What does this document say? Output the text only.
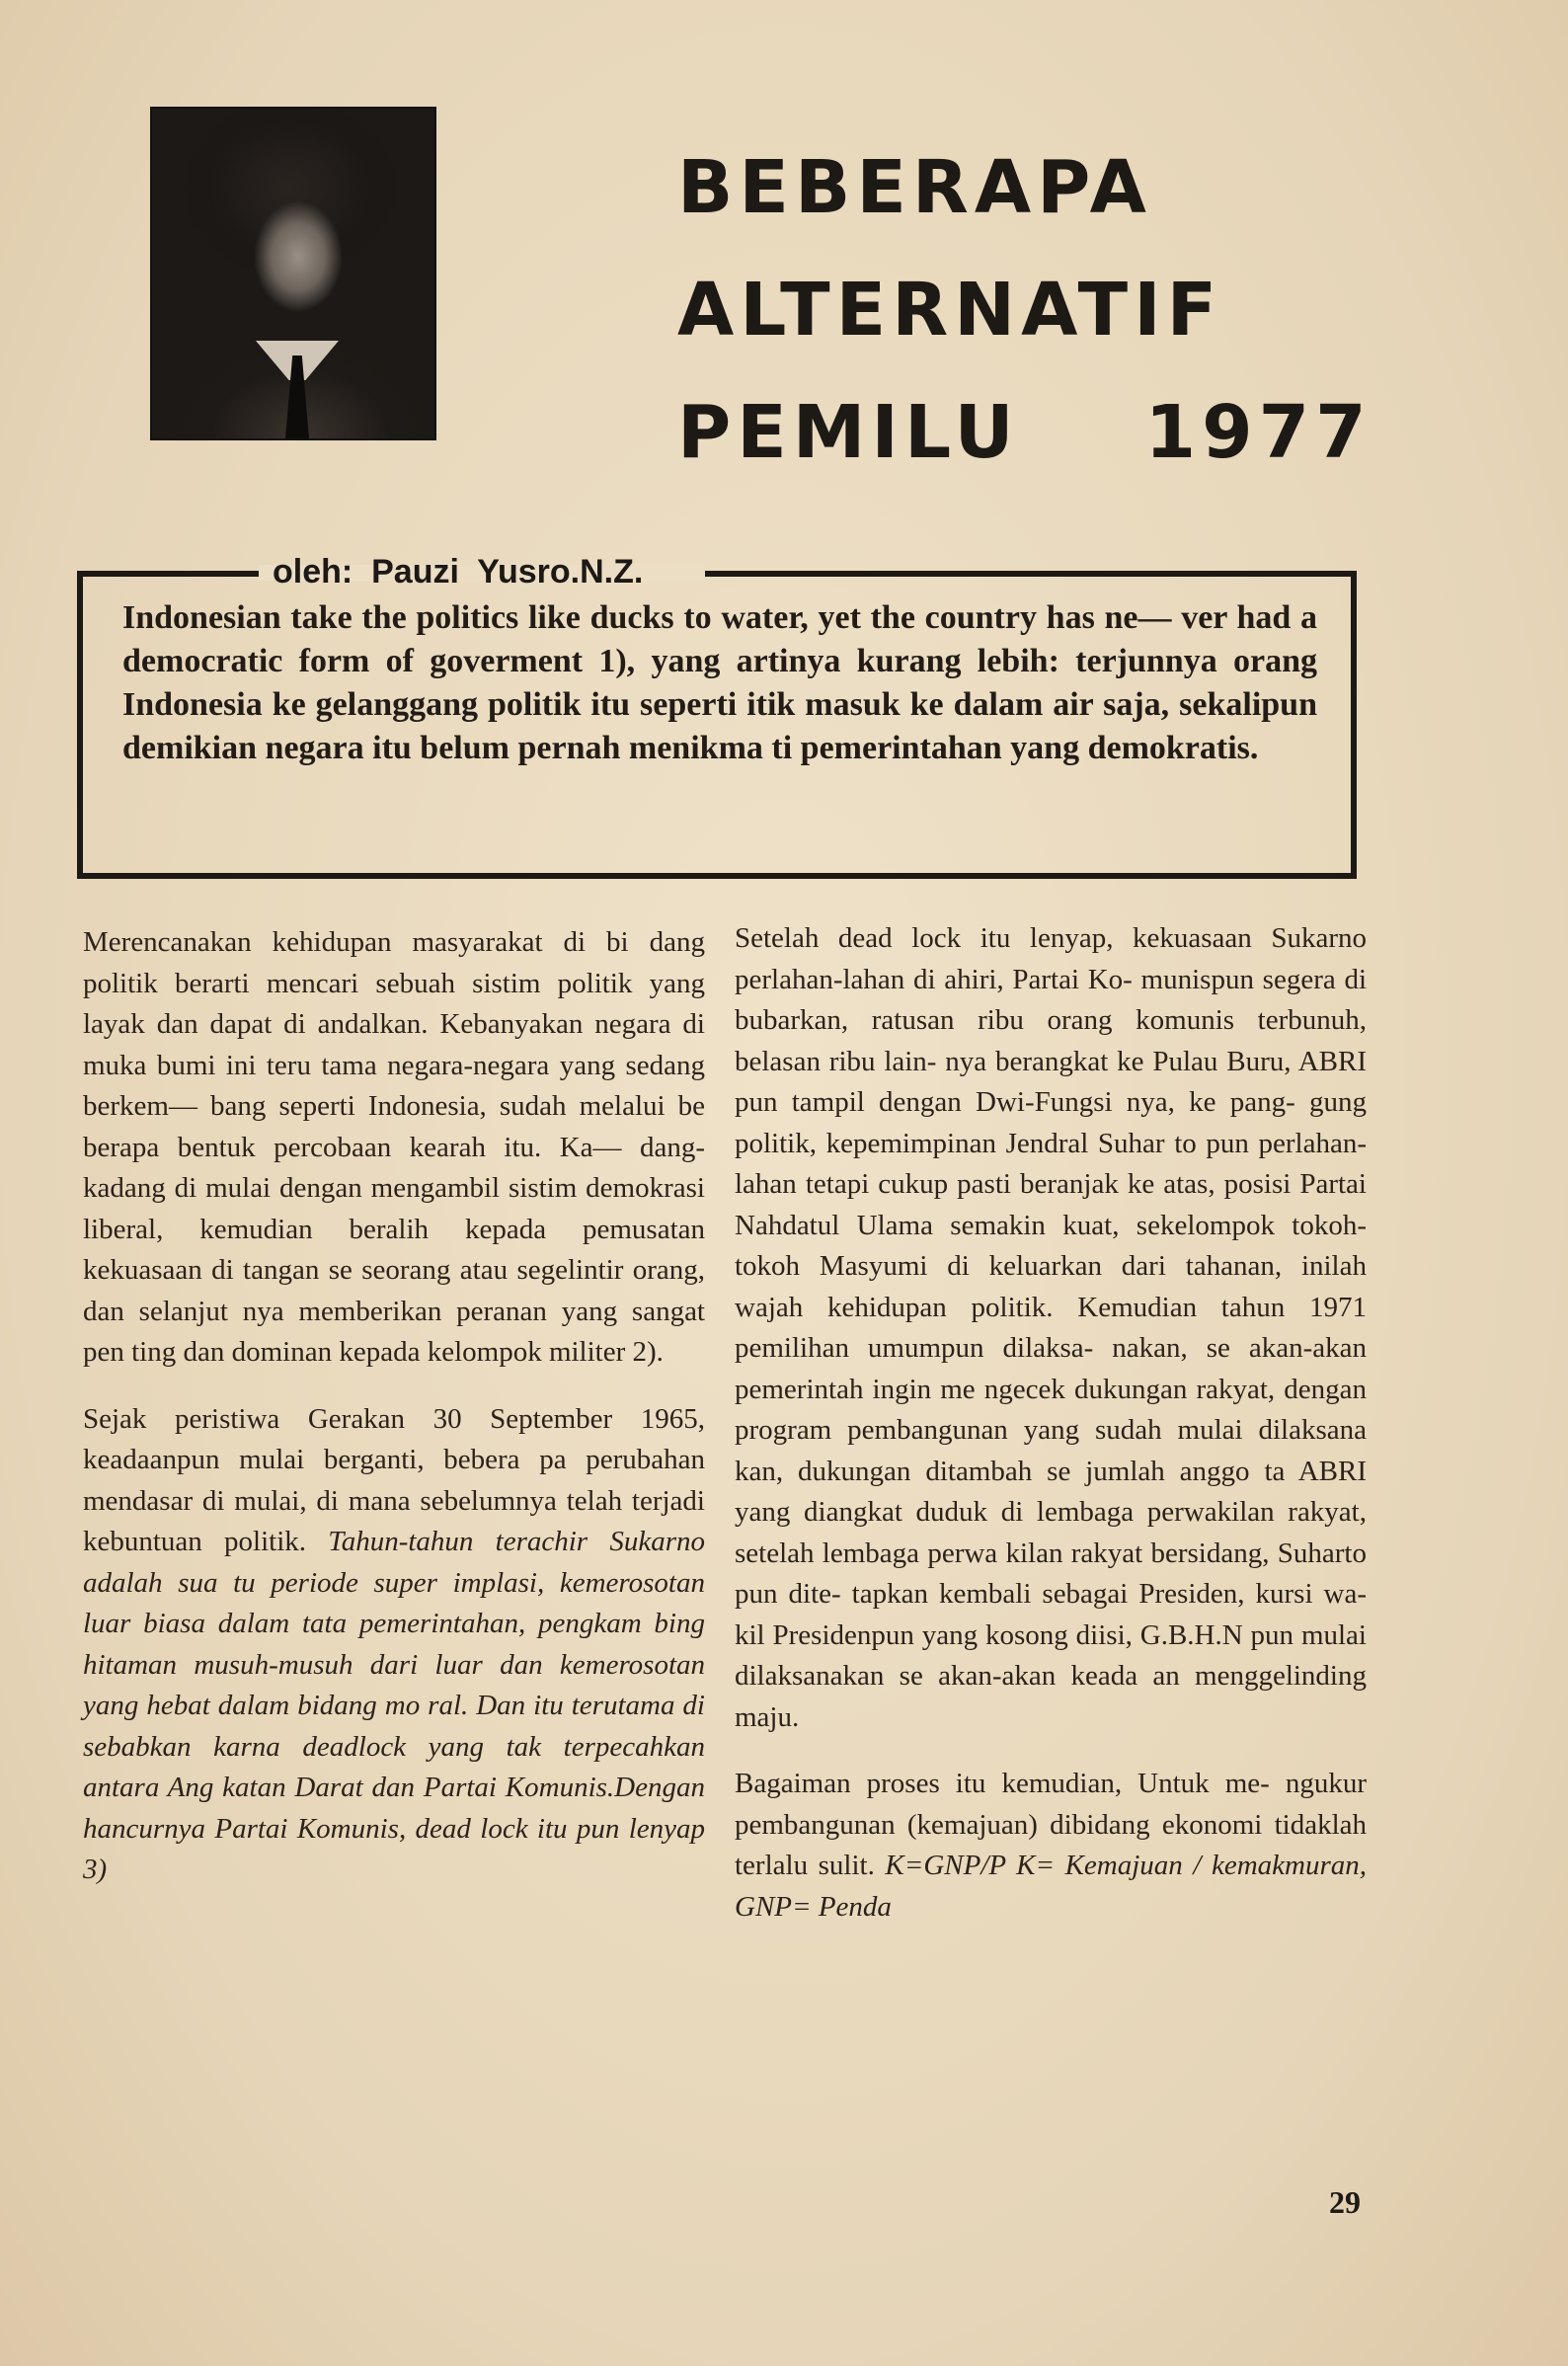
BEBERAPA
ALTERNATIF
PEMILU    1977
oleh:  Pauzi  Yusro.N.Z.
Indonesian take the politics like ducks to water, yet the country has ne— ver had a democratic form of goverment 1), yang artinya kurang lebih: terjunnya orang Indonesia ke gelanggang politik itu seperti itik masuk ke dalam air saja, sekalipun demikian negara itu belum pernah menikma ti pemerintahan yang demokratis.

Merencanakan kehidupan masyarakat di bi dang politik berarti mencari sebuah sistim politik yang layak dan dapat di andalkan. Kebanyakan negara di muka bumi ini teru tama negara-negara yang sedang berkem— bang seperti Indonesia, sudah melalui be berapa bentuk percobaan kearah itu. Ka— dang-kadang di mulai dengan mengambil sistim demokrasi liberal, kemudian beralih kepada pemusatan kekuasaan di tangan se seorang atau segelintir orang, dan selanjut nya memberikan peranan yang sangat pen ting dan dominan kepada kelompok militer 2).

Sejak peristiwa Gerakan 30 September 1965, keadaanpun mulai berganti, bebera pa perubahan mendasar di mulai, di mana sebelumnya telah terjadi kebuntuan politik. Tahun-tahun terachir Sukarno adalah sua tu periode super implasi, kemerosotan luar biasa dalam tata pemerintahan, pengkam bing hitaman musuh-musuh dari luar dan kemerosotan yang hebat dalam bidang mo ral. Dan itu terutama di sebabkan karna deadlock yang tak terpecahkan antara Ang katan Darat dan Partai Komunis.Dengan hancurnya Partai Komunis, dead lock itu pun lenyap 3)

Setelah dead lock itu lenyap, kekuasaan Sukarno perlahan-lahan di ahiri, Partai Ko- munispun segera di bubarkan, ratusan ribu orang komunis terbunuh, belasan ribu lain- nya berangkat ke Pulau Buru, ABRI pun tampil dengan Dwi-Fungsi nya, ke pang- gung politik, kepemimpinan Jendral Suhar to pun perlahan-lahan tetapi cukup pasti beranjak ke atas, posisi Partai Nahdatul Ulama semakin kuat, sekelompok tokoh- tokoh Masyumi di keluarkan dari tahanan, inilah wajah kehidupan politik. Kemudian tahun 1971 pemilihan umumpun dilaksa- nakan, se akan-akan pemerintah ingin me ngecek dukungan rakyat, dengan program pembangunan yang sudah mulai dilaksana kan, dukungan ditambah se jumlah anggo ta ABRI yang diangkat duduk di lembaga perwakilan rakyat, setelah lembaga perwa kilan rakyat bersidang, Suharto pun dite- tapkan kembali sebagai Presiden, kursi wa- kil Presidenpun yang kosong diisi, G.B.H.N pun mulai dilaksanakan se akan-akan keada an menggelinding maju.

Bagaiman proses itu kemudian, Untuk me- ngukur pembangunan (kemajuan) dibidang ekonomi tidaklah terlalu sulit. K=GNP/P K= Kemajuan / kemakmuran, GNP= Penda

29
